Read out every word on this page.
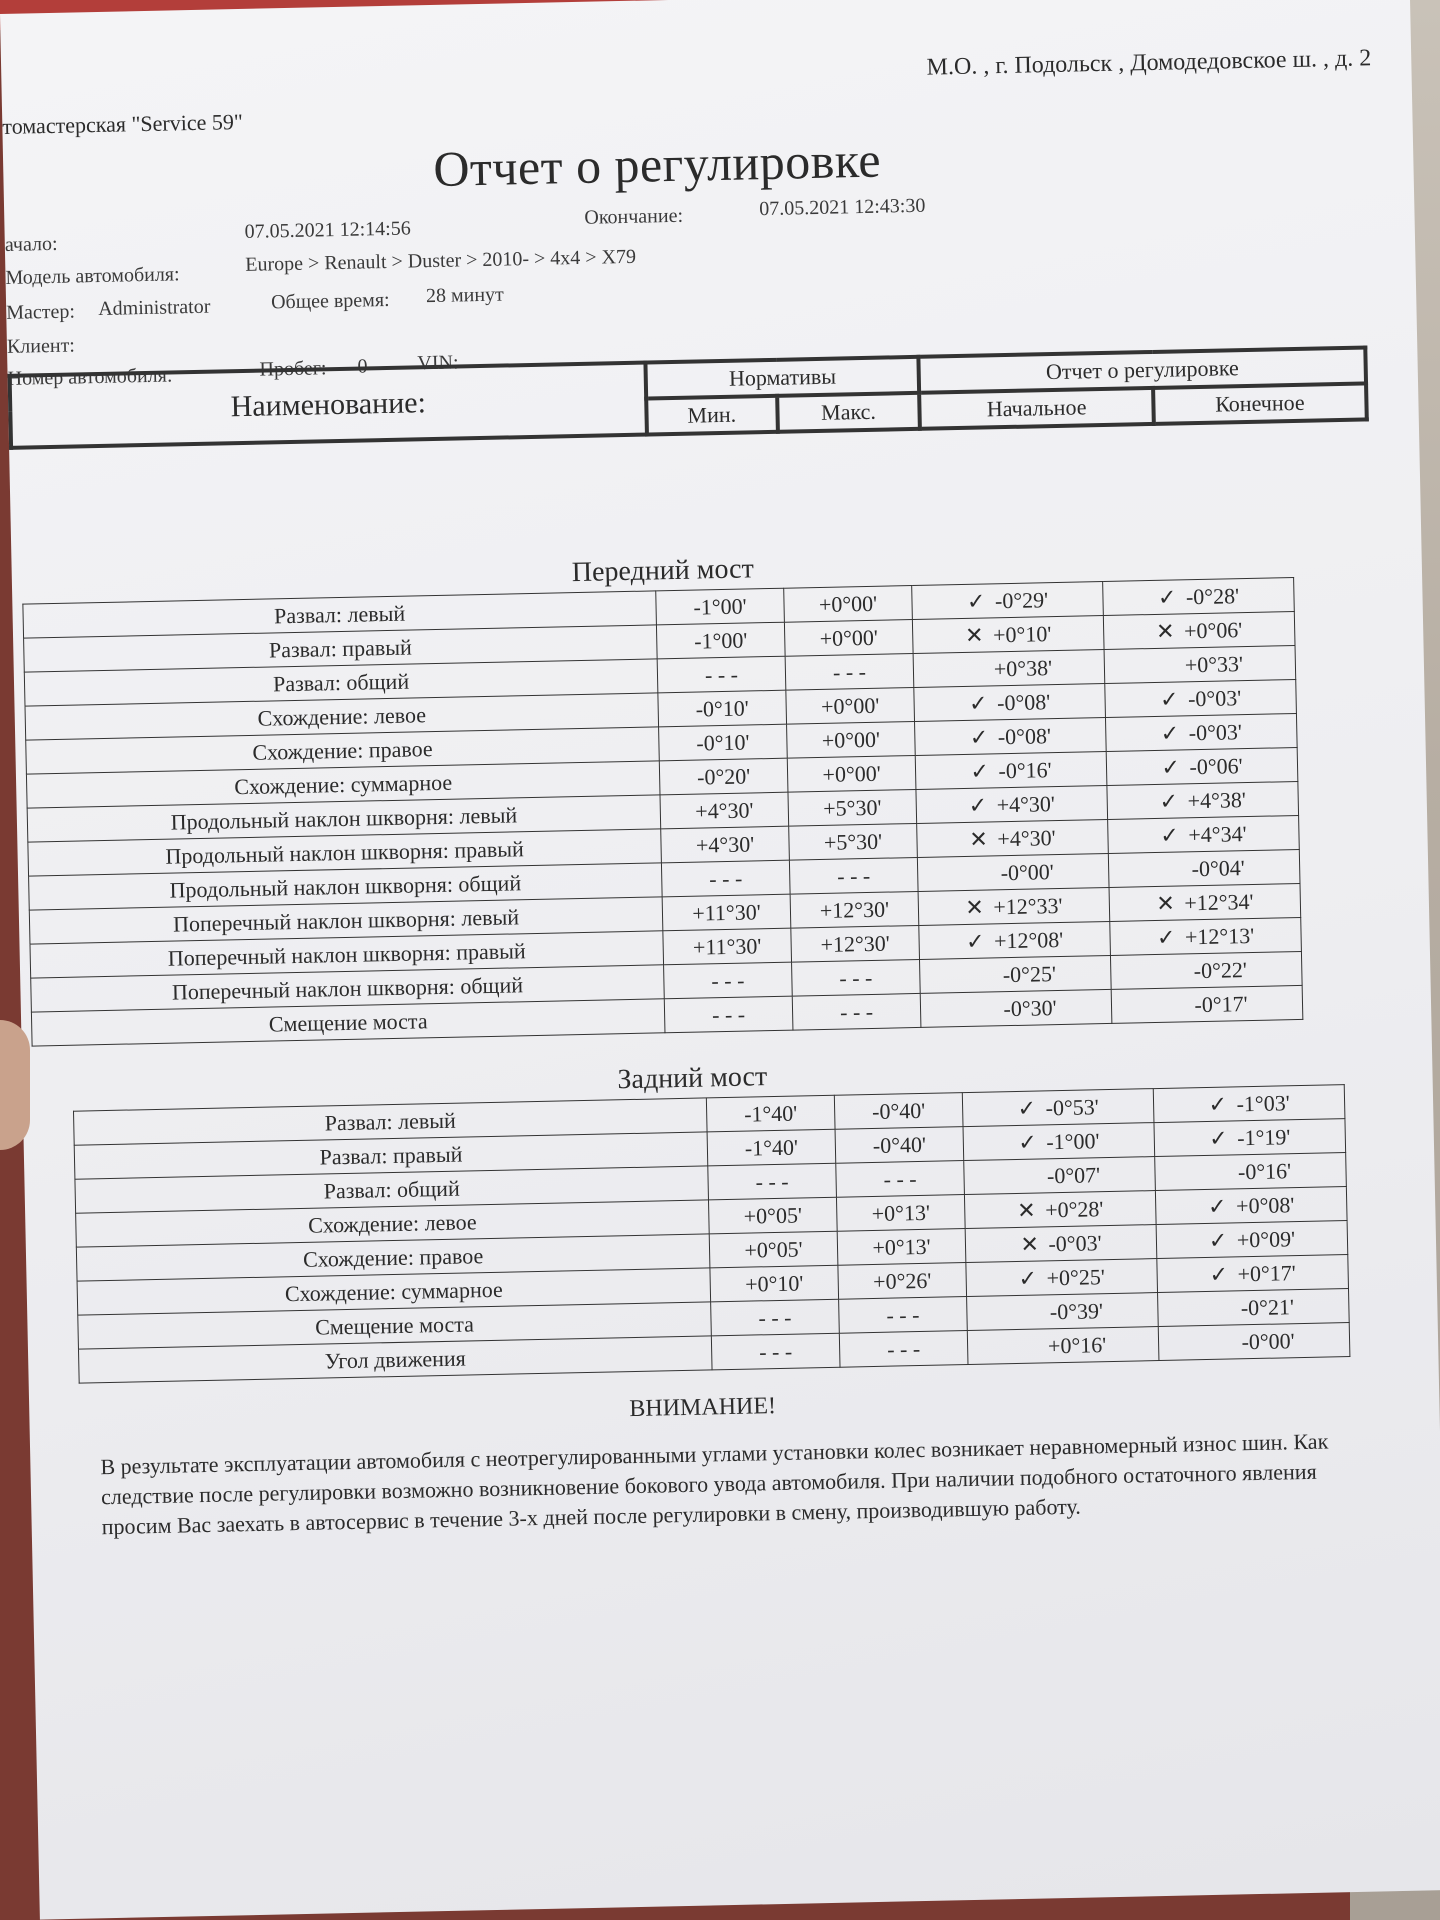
М.О. , г. Подольск , Домодедовское ш. , д. 2
томастерская "Service 59"
Отчет о регулировке
ачало:
07.05.2021 12:14:56
Окончание:	07.05.2021 12:43:30
Модель автомобиля:
Europe > Renault > Duster > 2010- > 4x4 > X79
Мастер: Administrator	Общее время: 28 минут
Клиент:
Номер автомобиля:	Пробег: 0 VIN:
Наименование:	Нормативы		Отчет о регулировке	
	Мин.	Макс.	Начальное	Конечное
Передний мост
Развал: левый	-1°00'	+0°00'	✓ -0°29'	✓ -0°28'
Развал: правый	-1°00'	+0°00'	✕ +0°10'	✕ +0°06'
Развал: общий	- - -	- - -	+0°38'	+0°33'
Схождение: левое	-0°10'	+0°00'	✓ -0°08'	✓ -0°03'
Схождение: правое	-0°10'	+0°00'	✓ -0°08'	✓ -0°03'
Схождение: суммарное	-0°20'	+0°00'	✓ -0°16'	✓ -0°06'
Продольный наклон шкворня: левый	+4°30'	+5°30'	✓ +4°30'	✓ +4°38'
Продольный наклон шкворня: правый	+4°30'	+5°30'	✕ +4°30'	✓ +4°34'
Продольный наклон шкворня: общий	- - -	- - -	-0°00'	-0°04'
Поперечный наклон шкворня: левый	+11°30'	+12°30'	✕ +12°33'	✕ +12°34'
Поперечный наклон шкворня: правый	+11°30'	+12°30'	✓ +12°08'	✓ +12°13'
Поперечный наклон шкворня: общий	- - -	- - -	-0°25'	-0°22'
Смещение моста	- - -	- - -	-0°30'	-0°17'
Задний мост
Развал: левый	-1°40'	-0°40'	✓ -0°53'	✓ -1°03'
Развал: правый	-1°40'	-0°40'	✓ -1°00'	✓ -1°19'
Развал: общий	- - -	- - -	-0°07'	-0°16'
Схождение: левое	+0°05'	+0°13'	✕ +0°28'	✓ +0°08'
Схождение: правое	+0°05'	+0°13'	✕ -0°03'	✓ +0°09'
Схождение: суммарное	+0°10'	+0°26'	✓ +0°25'	✓ +0°17'
Смещение моста	- - -	- - -	-0°39'	-0°21'
Угол движения	- - -	- - -	+0°16'	-0°00'
ВНИМАНИЕ!
В результате эксплуатации автомобиля с неотрегулированными углами установки колес возникает неравномерный износ шин. Как следствие после регулировки возможно возникновение бокового увода автомобиля. При наличии подобного остаточного явления просим Вас заехать в автосервис в течение 3-х дней после регулировки в смену, производившую работу.
